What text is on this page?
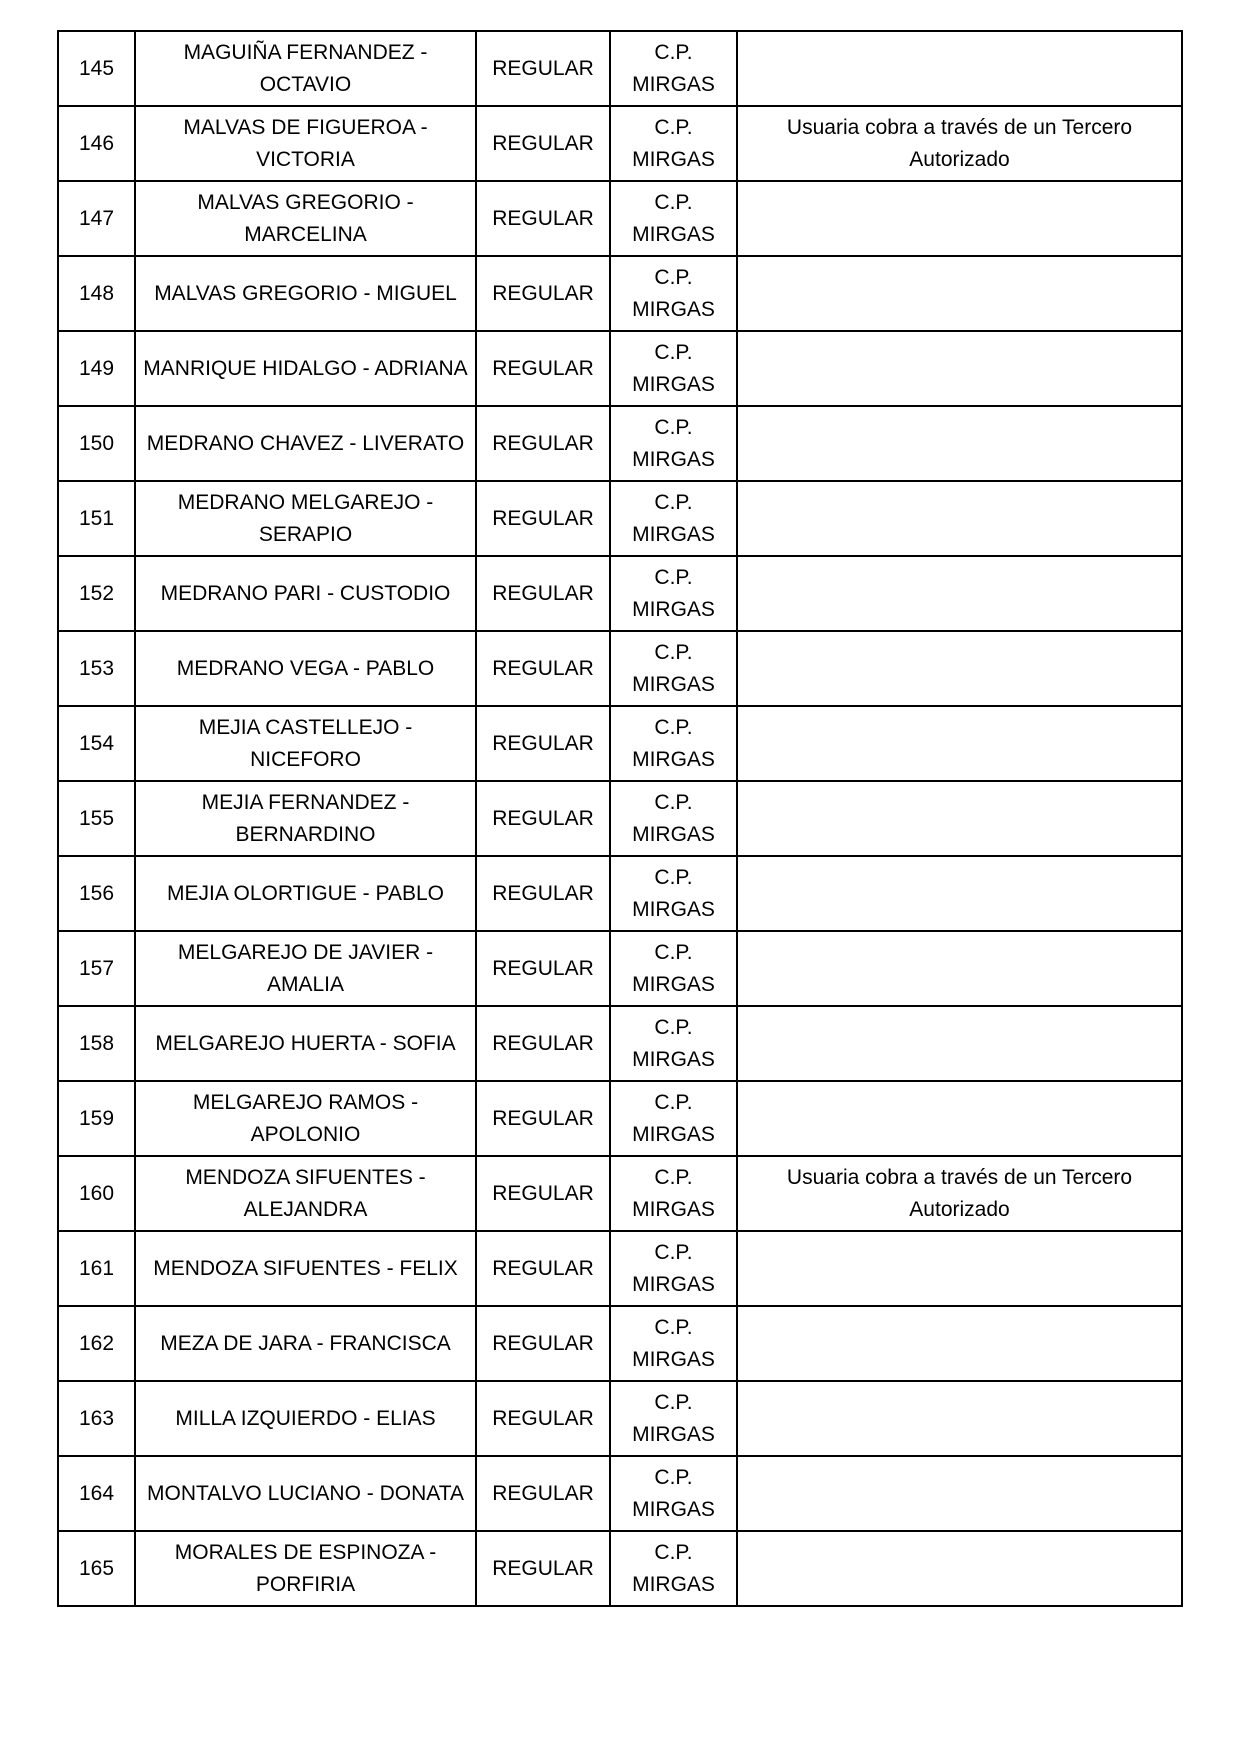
145	MAGUIÑA FERNANDEZ -
OCTAVIO	REGULAR	C.P.
MIRGAS	

146	MALVAS DE FIGUEROA -
VICTORIA	REGULAR	C.P.
MIRGAS	Usuaria cobra a través de un Tercero
Autorizado

147	MALVAS GREGORIO -
MARCELINA	REGULAR	C.P.
MIRGAS	

148	MALVAS GREGORIO - MIGUEL	REGULAR	C.P.
MIRGAS	

149	MANRIQUE HIDALGO - ADRIANA	REGULAR	C.P.
MIRGAS	

150	MEDRANO CHAVEZ - LIVERATO	REGULAR	C.P.
MIRGAS	

151	MEDRANO MELGAREJO -
SERAPIO	REGULAR	C.P.
MIRGAS	

152	MEDRANO PARI - CUSTODIO	REGULAR	C.P.
MIRGAS	

153	MEDRANO VEGA - PABLO	REGULAR	C.P.
MIRGAS	

154	MEJIA CASTELLEJO - NICEFORO	REGULAR	C.P.
MIRGAS	

155	MEJIA FERNANDEZ -
BERNARDINO	REGULAR	C.P.
MIRGAS	

156	MEJIA OLORTIGUE - PABLO	REGULAR	C.P.
MIRGAS	

157	MELGAREJO DE JAVIER -
AMALIA	REGULAR	C.P.
MIRGAS	

158	MELGAREJO HUERTA - SOFIA	REGULAR	C.P.
MIRGAS	

159	MELGAREJO RAMOS -
APOLONIO	REGULAR	C.P.
MIRGAS	

160	MENDOZA SIFUENTES -
ALEJANDRA	REGULAR	C.P.
MIRGAS	Usuaria cobra a través de un Tercero
Autorizado

161	MENDOZA SIFUENTES - FELIX	REGULAR	C.P.
MIRGAS	

162	MEZA DE JARA - FRANCISCA	REGULAR	C.P.
MIRGAS	

163	MILLA IZQUIERDO - ELIAS	REGULAR	C.P.
MIRGAS	

164	MONTALVO LUCIANO - DONATA	REGULAR	C.P.
MIRGAS	

165	MORALES DE ESPINOZA -
PORFIRIA	REGULAR	C.P.
MIRGAS	
